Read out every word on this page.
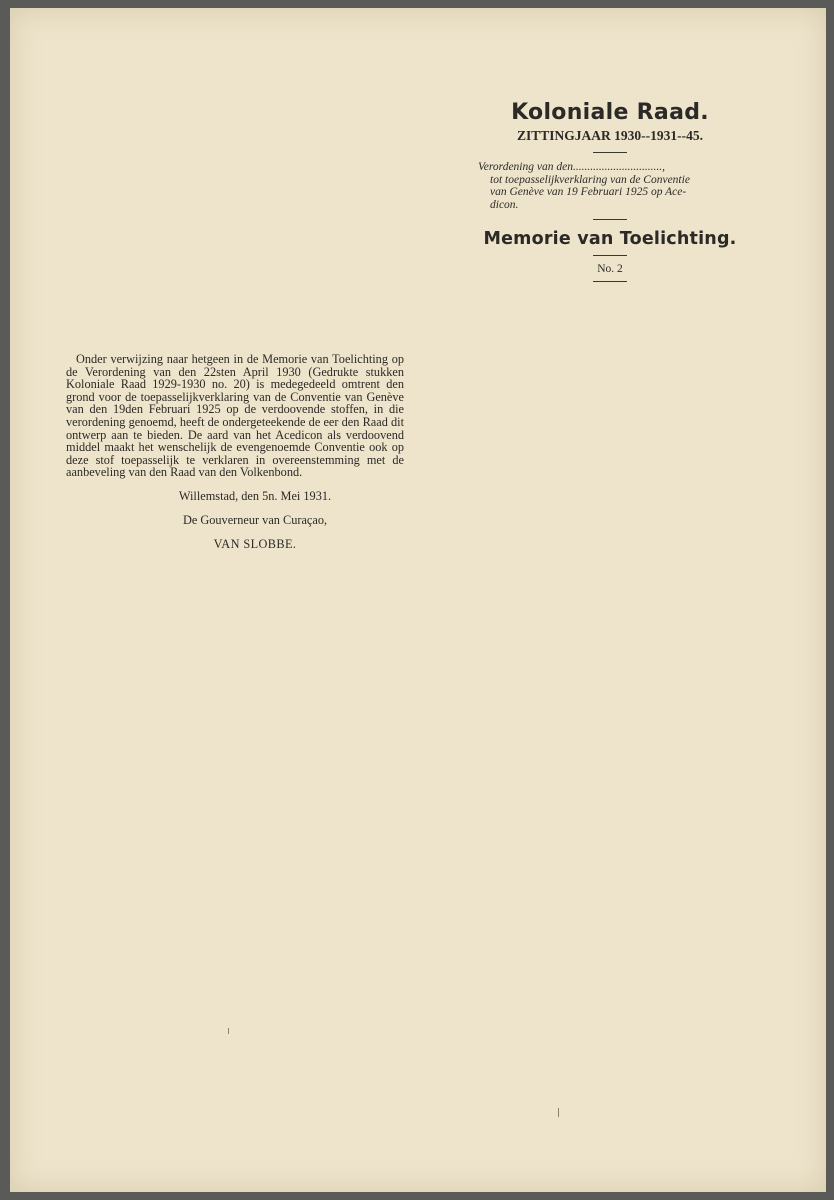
Koloniale Raad.

ZITTINGJAAR 1930--1931--45.

Verordening van den...............................,
tot toepasselijkverklaring van de Conventie
van Genève van 19 Februari 1925 op Ace-
dicon.
Memorie van Toelichting.

No. 2

Onder verwijzing naar hetgeen in de Memorie van Toelichting op de Verordening van den 22sten April 1930 (Gedrukte stukken Koloniale Raad 1929-1930 no. 20) is medegedeeld omtrent den grond voor de toepasselijkverklaring van de Conventie van Genève van den 19den Februari 1925 op de verdoovende stoffen, in die verordening genoemd, heeft de ondergeteekende de eer den Raad dit ontwerp aan te bieden. De aard van het Acedicon als verdoovend middel maakt het wenschelijk de evengenoemde Conventie ook op deze stof toepasselijk te verklaren in overeenstemming met de aanbeveling van den Raad van den Volkenbond.

Willemstad, den 5n. Mei 1931.

De Gouverneur van Curaçao,

VAN SLOBBE.
